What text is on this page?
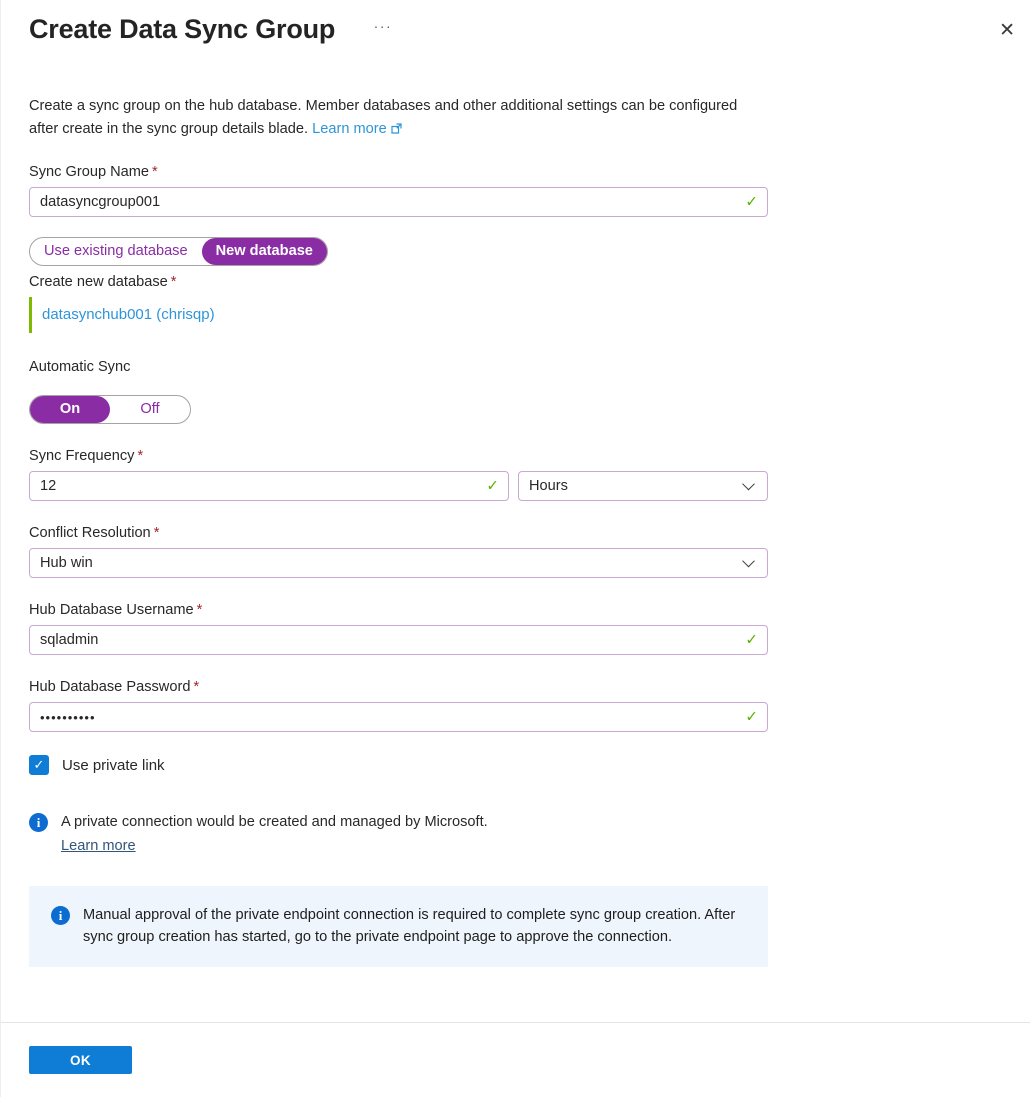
Create Data Sync Group	···	✕
Create a sync group on the hub database. Member databases and other additional settings can be configured after create in the sync group details blade. Learn more
Sync Group Name *
datasyncgroup001
✓
Use existing database	New database
Create new database *
datasynchub001 (chrisqp)
Automatic Sync
On	Off
Sync Frequency *
12
✓ Hours
Conflict Resolution *
Hub win
Hub Database Username *
sqladmin
✓
Hub Database Password *
••••••••••
✓
✓	Use private link
i	A private connection would be created and managed by Microsoft.
Learn more
i	Manual approval of the private endpoint connection is required to complete sync group creation. After sync group creation has started, go to the private endpoint page to approve the connection.
OK
